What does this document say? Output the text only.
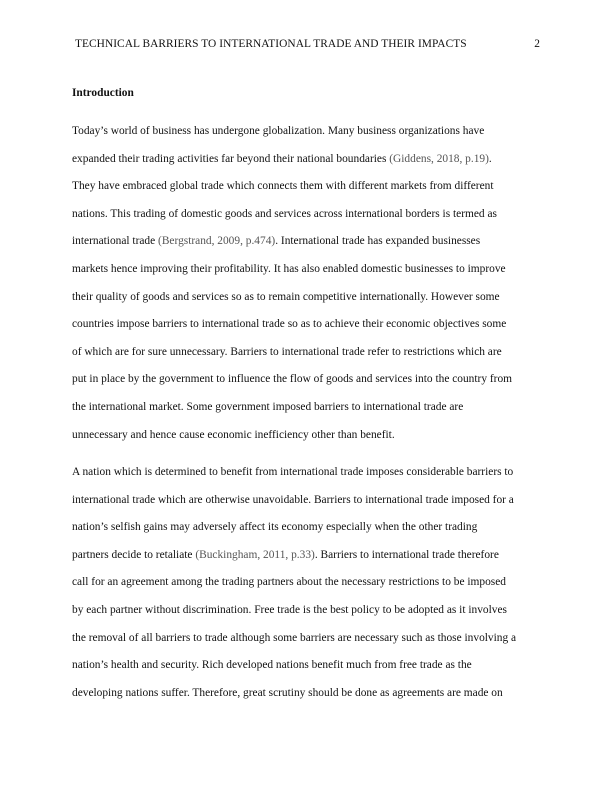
TECHNICAL BARRIERS TO INTERNATIONAL TRADE AND THEIR IMPACTS	2
Introduction
Today’s world of business has undergone globalization. Many business organizations have
expanded their trading activities far beyond their national boundaries (Giddens, 2018, p.19).
They have embraced global trade which connects them with different markets from different
nations. This trading of domestic goods and services across international borders is termed as
international trade (Bergstrand, 2009, p.474). International trade has expanded businesses
markets hence improving their profitability. It has also enabled domestic businesses to improve
their quality of goods and services so as to remain competitive internationally. However some
countries impose barriers to international trade so as to achieve their economic objectives some
of which are for sure unnecessary. Barriers to international trade refer to restrictions which are
put in place by the government to influence the flow of goods and services into the country from
the international market. Some government imposed barriers to international trade are
unnecessary and hence cause economic inefficiency other than benefit.
A nation which is determined to benefit from international trade imposes considerable barriers to
international trade which are otherwise unavoidable. Barriers to international trade imposed for a
nation’s selfish gains may adversely affect its economy especially when the other trading
partners decide to retaliate (Buckingham, 2011, p.33). Barriers to international trade therefore
call for an agreement among the trading partners about the necessary restrictions to be imposed
by each partner without discrimination. Free trade is the best policy to be adopted as it involves
the removal of all barriers to trade although some barriers are necessary such as those involving a
nation’s health and security. Rich developed nations benefit much from free trade as the
developing nations suffer. Therefore, great scrutiny should be done as agreements are made on
